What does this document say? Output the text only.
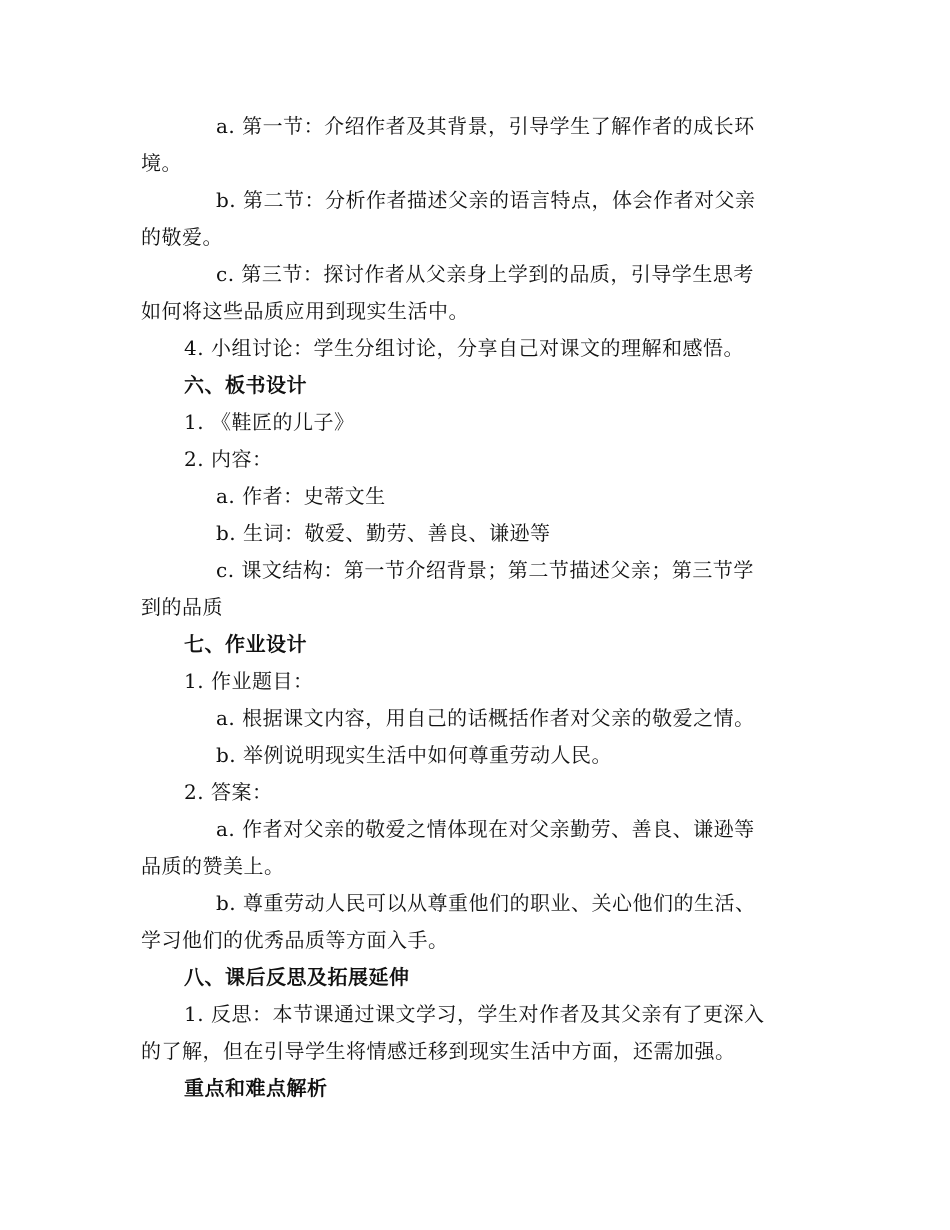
a. 第一节：介绍作者及其背景，引导学生了解作者的成长环
境。
b. 第二节：分析作者描述父亲的语言特点，体会作者对父亲
的敬爱。
c. 第三节：探讨作者从父亲身上学到的品质，引导学生思考
如何将这些品质应用到现实生活中。
4. 小组讨论：学生分组讨论，分享自己对课文的理解和感悟。
六、板书设计
1. 《鞋匠的儿子》
2. 内容：
a. 作者：史蒂文生
b. 生词：敬爱、勤劳、善良、谦逊等
c. 课文结构：第一节介绍背景；第二节描述父亲；第三节学
到的品质
七、作业设计
1. 作业题目：
a. 根据课文内容，用自己的话概括作者对父亲的敬爱之情。
b. 举例说明现实生活中如何尊重劳动人民。
2. 答案：
a. 作者对父亲的敬爱之情体现在对父亲勤劳、善良、谦逊等
品质的赞美上。
b. 尊重劳动人民可以从尊重他们的职业、关心他们的生活、
学习他们的优秀品质等方面入手。
八、课后反思及拓展延伸
1. 反思：本节课通过课文学习，学生对作者及其父亲有了更深入
的了解，但在引导学生将情感迁移到现实生活中方面，还需加强。
重点和难点解析
